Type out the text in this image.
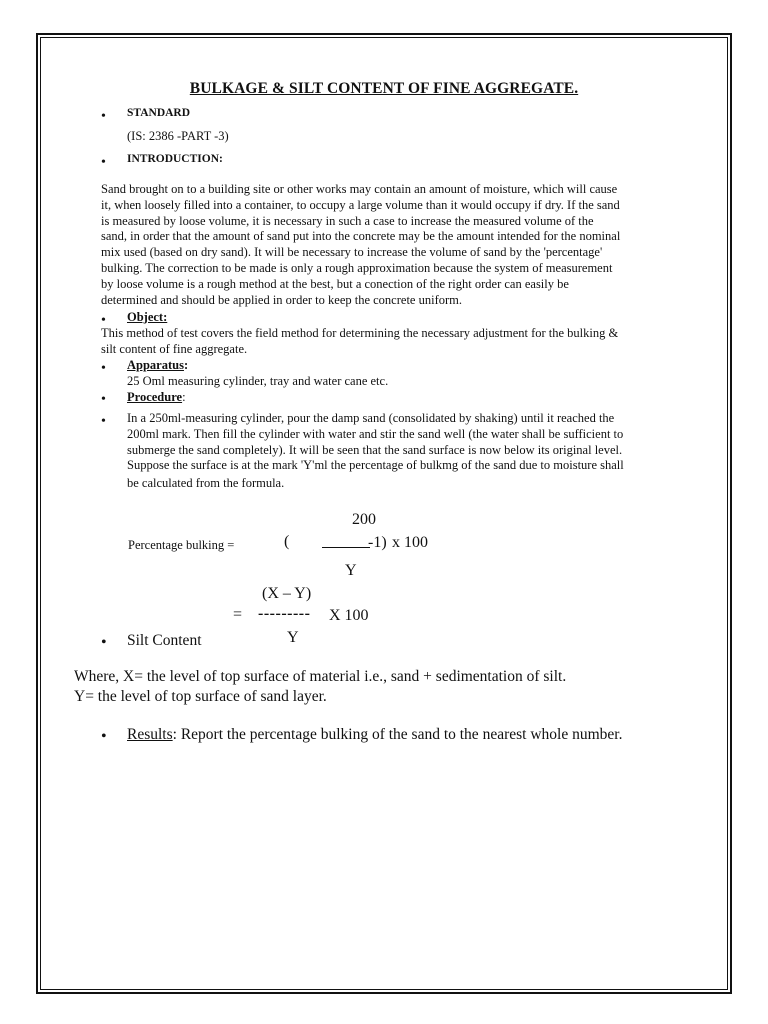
BULKAGE & SILT CONTENT OF FINE AGGREGATE.
• STANDARD
(IS: 2386 -PART -3)
• INTRODUCTION:
Sand brought on to a building site or other works may contain an amount of moisture, which will cause
it, when loosely filled into a container, to occupy a large volume than it would occupy if dry. If the sand
is measured by loose volume, it is necessary in such a case to increase the measured volume of the
sand, in order that the amount of sand put into the concrete may be the amount intended for the nominal
mix used (based on dry sand). It will be necessary to increase the volume of sand by the 'percentage'
bulking. The correction to be made is only a rough approximation because the system of measurement
by loose volume is a rough method at the best, but a conection of the right order can easily be
determined and should be applied in order to keep the concrete uniform.
• Object:
This method of test covers the field method for determining the necessary adjustment for the bulking &
silt content of fine aggregate.
• Apparatus:
25 Oml measuring cylinder, tray and water cane etc.
• Procedure:
• In a 250ml-measuring cylinder, pour the damp sand (consolidated by shaking) until it reached the
200ml mark. Then fill the cylinder with water and stir the sand well (the water shall be sufficient to
submerge the sand completely). It will be seen that the sand surface is now below its original level.
Suppose the surface is at the mark 'Y'ml the percentage of bulkmg of the sand due to moisture shall
be calculated from the formula.
200
Percentage bulking =	(	-1) x 100
Y
(X – Y)
= --------- X 100
Y
• Silt Content
Where, X= the level of top surface of material i.e., sand + sedimentation of silt.
Y= the level of top surface of sand layer.
• Results: Report the percentage bulking of the sand to the nearest whole number.
